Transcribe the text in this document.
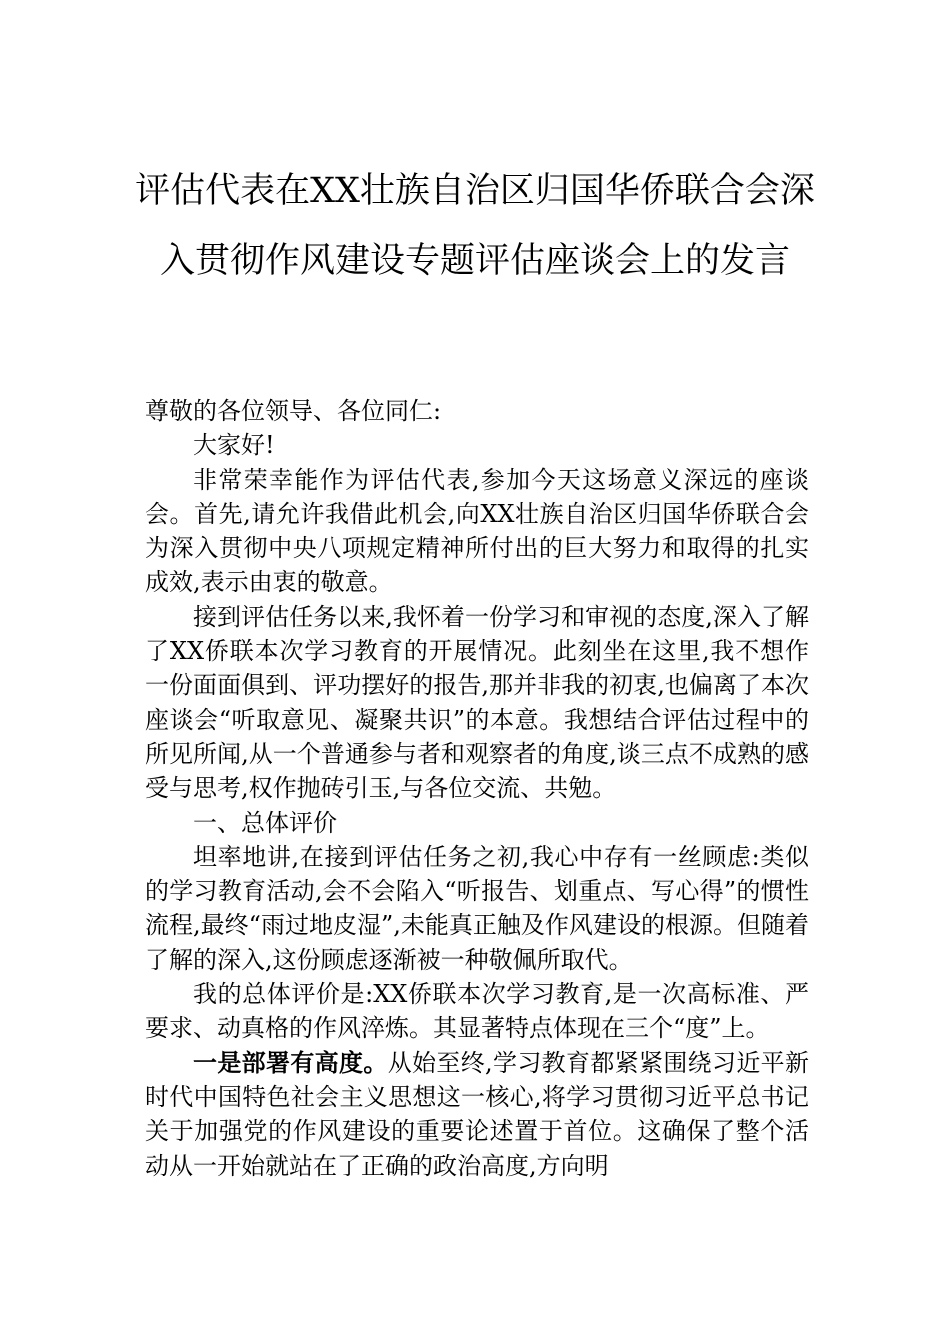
评估代表在XX壮族自治区归国华侨联合会深入贯彻作风建设专题评估座谈会上的发言

尊敬的各位领导、各位同仁:

大家好!

非常荣幸能作为评估代表,参加今天这场意义深远的座谈会。首先,请允许我借此机会,向XX壮族自治区归国华侨联合会为深入贯彻中央八项规定精神所付出的巨大努力和取得的扎实成效,表示由衷的敬意。

接到评估任务以来,我怀着一份学习和审视的态度,深入了解了XX侨联本次学习教育的开展情况。此刻坐在这里,我不想作一份面面俱到、评功摆好的报告,那并非我的初衷,也偏离了本次座谈会“听取意见、凝聚共识”的本意。我想结合评估过程中的所见所闻,从一个普通参与者和观察者的角度,谈三点不成熟的感受与思考,权作抛砖引玉,与各位交流、共勉。

一、总体评价

坦率地讲,在接到评估任务之初,我心中存有一丝顾虑:类似的学习教育活动,会不会陷入“听报告、划重点、写心得”的惯性流程,最终“雨过地皮湿”,未能真正触及作风建设的根源。但随着了解的深入,这份顾虑逐渐被一种敬佩所取代。

我的总体评价是:XX侨联本次学习教育,是一次高标准、严要求、动真格的作风淬炼。其显著特点体现在三个“度”上。

一是部署有高度。从始至终,学习教育都紧紧围绕习近平新时代中国特色社会主义思想这一核心,将学习贯彻习近平总书记关于加强党的作风建设的重要论述置于首位。这确保了整个活动从一开始就站在了正确的政治高度,方向明
